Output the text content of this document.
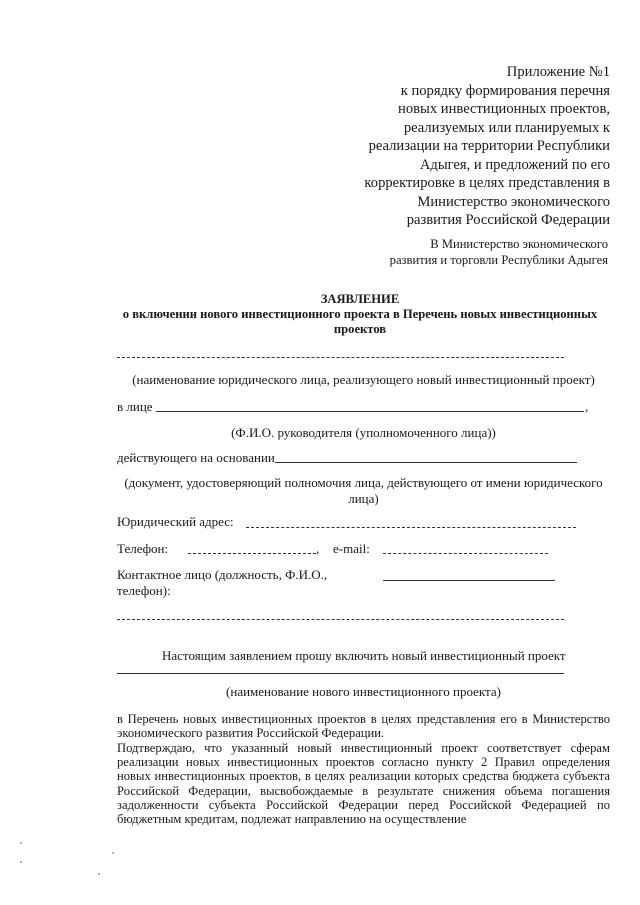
Приложение №1
к порядку формирования перечня
новых инвестиционных проектов,
реализуемых или планируемых к
реализации на территории Республики
Адыгея, и предложений по его
корректировке в целях представления в
Министерство экономического
развития Российской Федерации
В Министерство экономического
развития и торговли Республики Адыгея
ЗАЯВЛЕНИЕ
о включении нового инвестиционного проекта в Перечень новых инвестиционных проектов
(наименование юридического лица, реализующего новый инвестиционный проект)
в лице	,
(Ф.И.О. руководителя (уполномоченного лица))
действующего на основании
(документ, удостоверяющий полномочия лица, действующего от имени юридического лица)
Юридический адрес:
Телефон:	, e-mail:
Контактное лицо (должность, Ф.И.О., телефон):
Настоящим заявлением прошу включить новый инвестиционный проект
(наименование нового инвестиционного проекта)
в Перечень новых инвестиционных проектов в целях представления его в Министерство экономического развития Российской Федерации.
Подтверждаю, что указанный новый инвестиционный проект соответствует сферам реализации новых инвестиционных проектов согласно пункту 2 Правил определения новых инвестиционных проектов, в целях реализации которых средства бюджета субъекта Российской Федерации, высвобождаемые в результате снижения объема погашения задолженности субъекта Российской Федерации перед Российской Федерацией по бюджетным кредитам, подлежат направлению на осуществление
